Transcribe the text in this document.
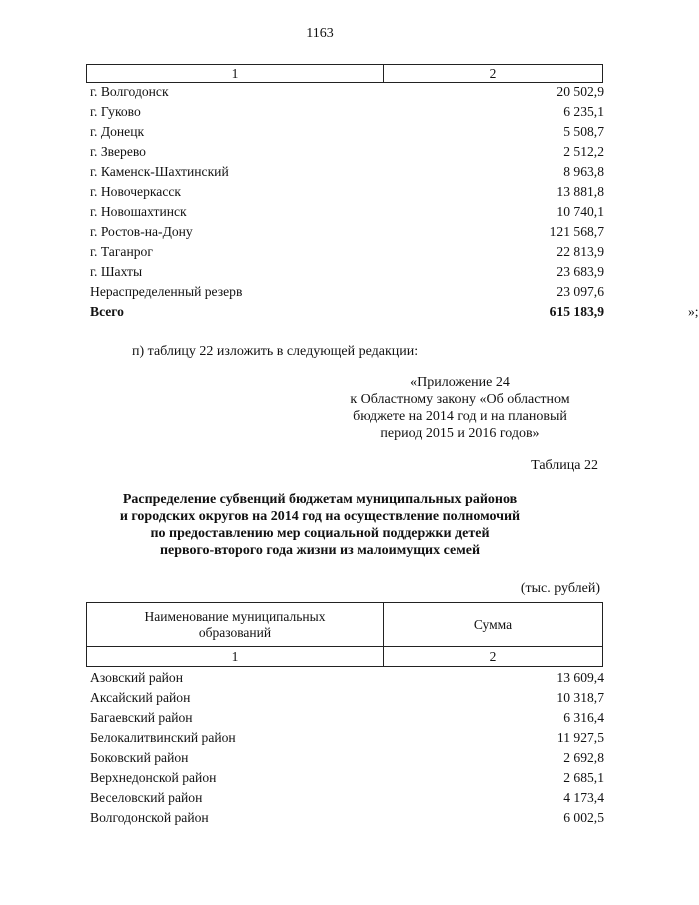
1163
1	2
г. Волгодонск	20 502,9
г. Гуково	6 235,1
г. Донецк	5 508,7
г. Зверево	2 512,2
г. Каменск-Шахтинский	8 963,8
г. Новочеркасск	13 881,8
г. Новошахтинск	10 740,1
г. Ростов-на-Дону	121 568,7
г. Таганрог	22 813,9
г. Шахты	23 683,9
Нераспределенный резерв	23 097,6
Всего	615 183,9	»;
п) таблицу 22 изложить в следующей редакции:
«Приложение 24
к Областному закону «Об областном
бюджете на 2014 год и на плановый
период 2015 и 2016 годов»
Таблица 22
Распределение субвенций бюджетам муниципальных районов
и городских округов на 2014 год на осуществление полномочий
по предоставлению мер социальной поддержки детей
первого-второго года жизни из малоимущих семей
(тыс. рублей)
Наименование муниципальных
образований	Сумма
1	2
Азовский район	13 609,4
Аксайский район	10 318,7
Багаевский район	6 316,4
Белокалитвинский район	11 927,5
Боковский район	2 692,8
Верхнедонской район	2 685,1
Веселовский район	4 173,4
Волгодонской район	6 002,5
